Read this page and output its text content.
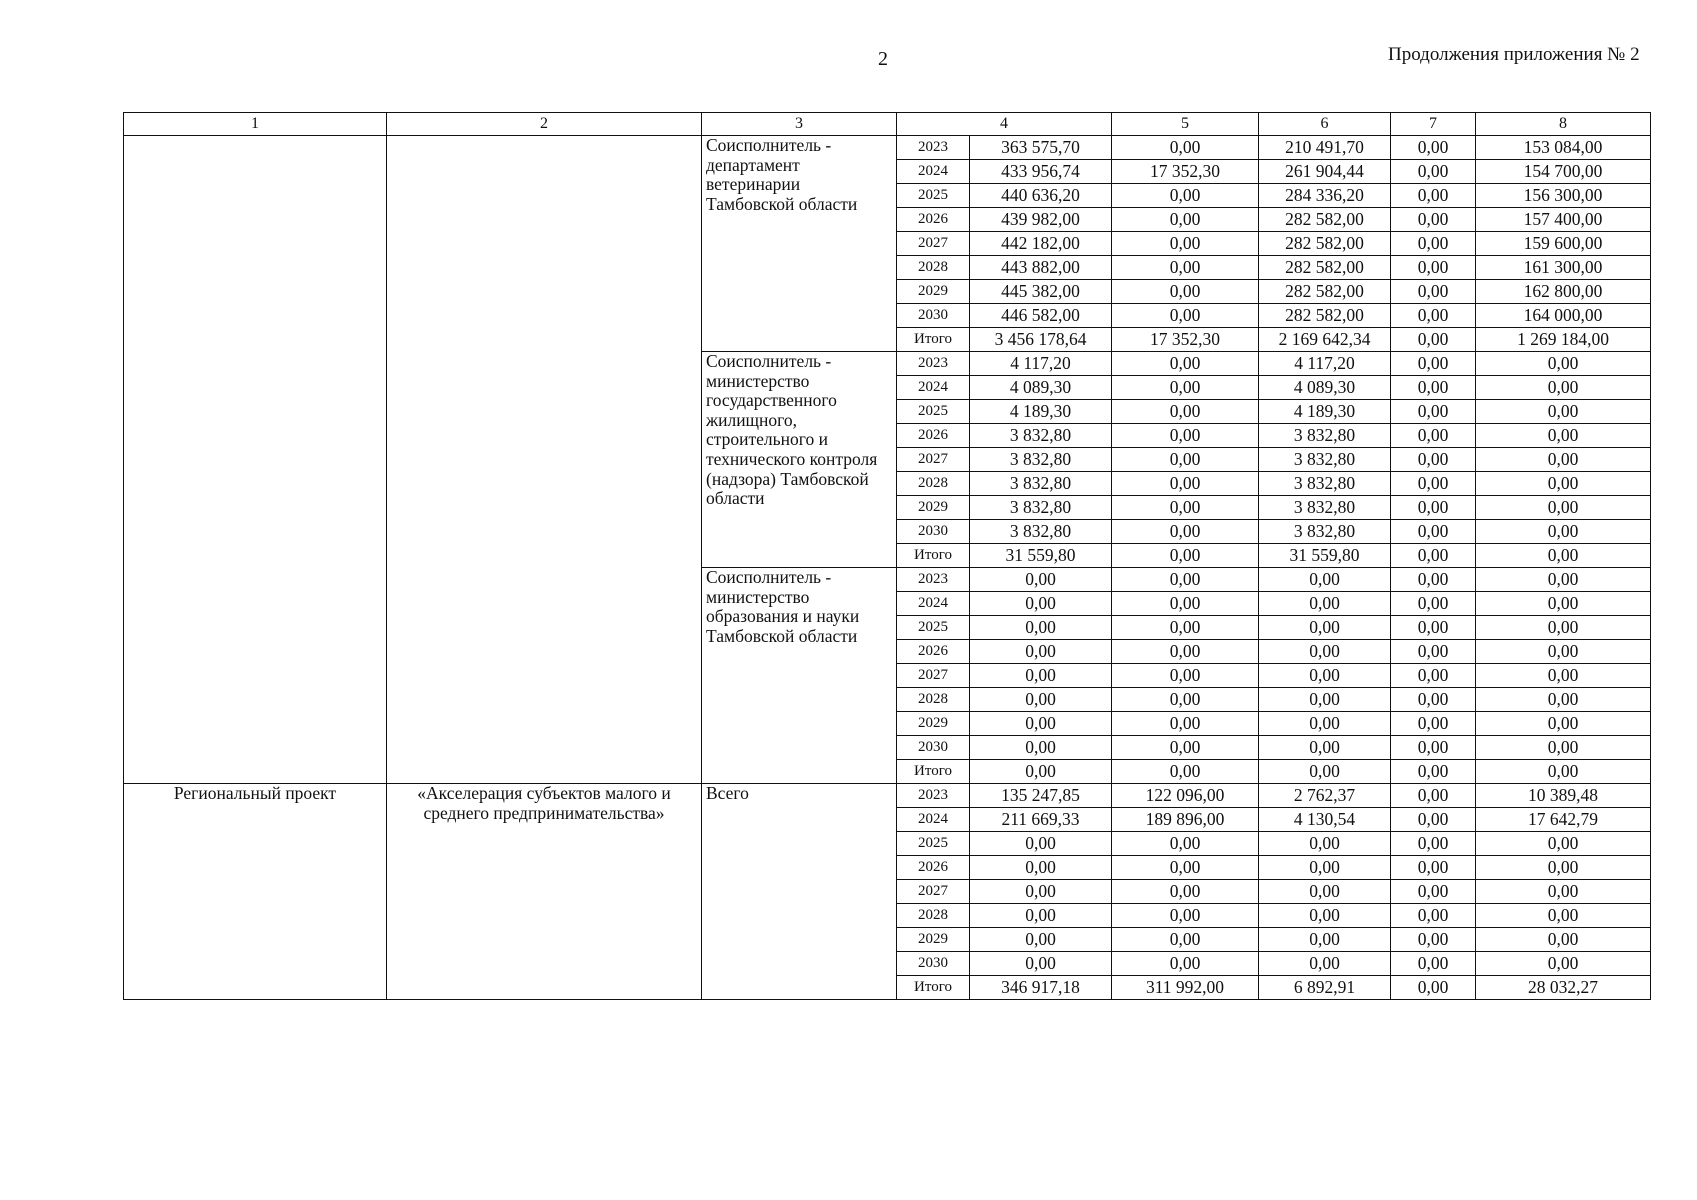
2	Продолжения приложения № 2
1	2	3	4		5	6	7	8
		Соисполнитель - департамент ветеринарии Тамбовской области	2023	363 575,70	0,00	210 491,70	0,00	153 084,00
			2024	433 956,74	17 352,30	261 904,44	0,00	154 700,00
			2025	440 636,20	0,00	284 336,20	0,00	156 300,00
			2026	439 982,00	0,00	282 582,00	0,00	157 400,00
			2027	442 182,00	0,00	282 582,00	0,00	159 600,00
			2028	443 882,00	0,00	282 582,00	0,00	161 300,00
			2029	445 382,00	0,00	282 582,00	0,00	162 800,00
			2030	446 582,00	0,00	282 582,00	0,00	164 000,00
			Итого	3 456 178,64	17 352,30	2 169 642,34	0,00	1 269 184,00
		Соисполнитель - министерство государственного жилищного, строительного и технического контроля (надзора) Тамбовской области	2023	4 117,20	0,00	4 117,20	0,00	0,00
			2024	4 089,30	0,00	4 089,30	0,00	0,00
			2025	4 189,30	0,00	4 189,30	0,00	0,00
			2026	3 832,80	0,00	3 832,80	0,00	0,00
			2027	3 832,80	0,00	3 832,80	0,00	0,00
			2028	3 832,80	0,00	3 832,80	0,00	0,00
			2029	3 832,80	0,00	3 832,80	0,00	0,00
			2030	3 832,80	0,00	3 832,80	0,00	0,00
			Итого	31 559,80	0,00	31 559,80	0,00	0,00
		Соисполнитель - министерство образования и науки Тамбовской области	2023	0,00	0,00	0,00	0,00	0,00
			2024	0,00	0,00	0,00	0,00	0,00
			2025	0,00	0,00	0,00	0,00	0,00
			2026	0,00	0,00	0,00	0,00	0,00
			2027	0,00	0,00	0,00	0,00	0,00
			2028	0,00	0,00	0,00	0,00	0,00
			2029	0,00	0,00	0,00	0,00	0,00
			2030	0,00	0,00	0,00	0,00	0,00
			Итого	0,00	0,00	0,00	0,00	0,00
Региональный проект	«Акселерация субъектов малого и среднего предпринимательства»	Всего	2023	135 247,85	122 096,00	2 762,37	0,00	10 389,48
			2024	211 669,33	189 896,00	4 130,54	0,00	17 642,79
			2025	0,00	0,00	0,00	0,00	0,00
			2026	0,00	0,00	0,00	0,00	0,00
			2027	0,00	0,00	0,00	0,00	0,00
			2028	0,00	0,00	0,00	0,00	0,00
			2029	0,00	0,00	0,00	0,00	0,00
			2030	0,00	0,00	0,00	0,00	0,00
			Итого	346 917,18	311 992,00	6 892,91	0,00	28 032,27
